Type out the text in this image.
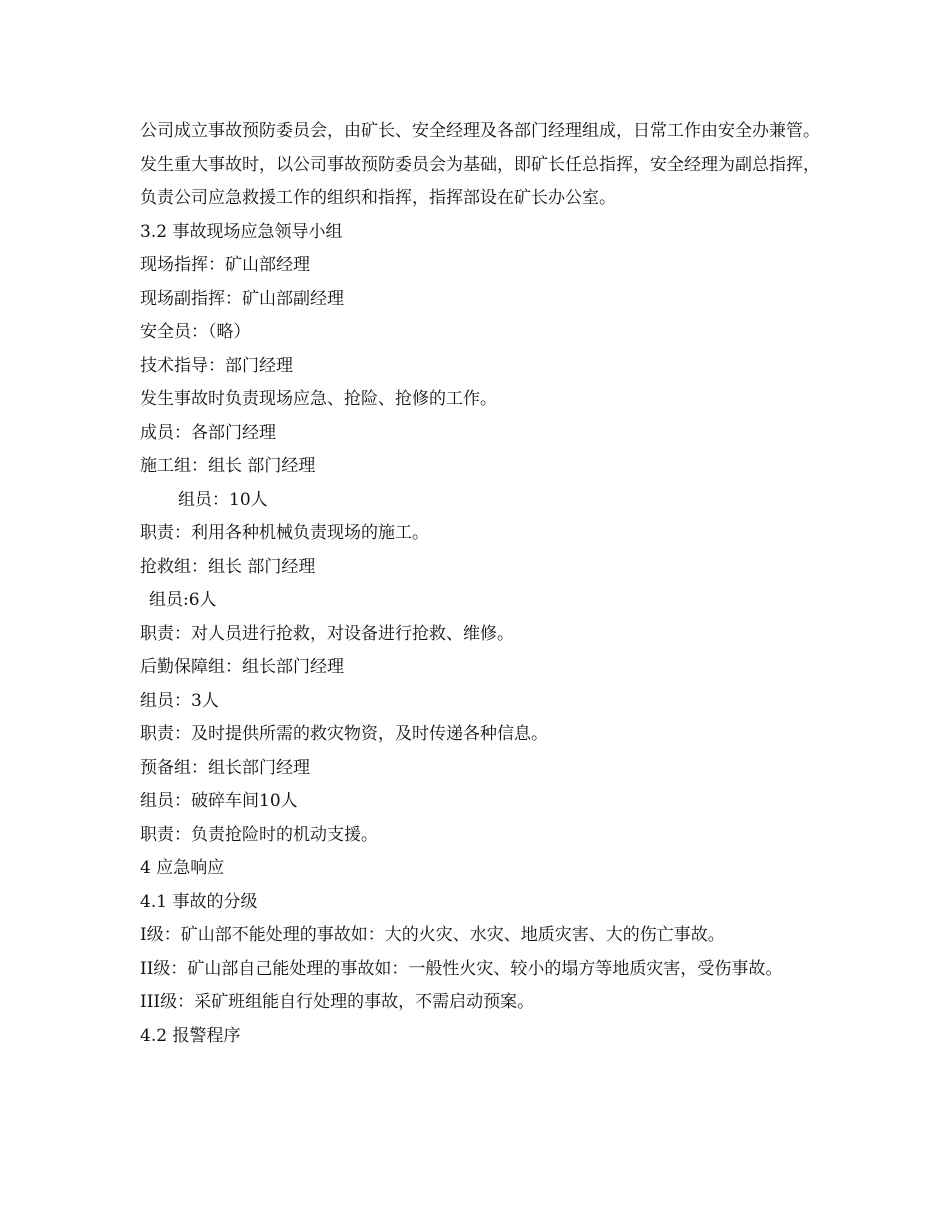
公司成立事故预防委员会，由矿长、安全经理及各部门经理组成，日常工作由安全办兼管。发生重大事故时，以公司事故预防委员会为基础，即矿长任总指挥，安全经理为副总指挥，负责公司应急救援工作的组织和指挥，指挥部设在矿长办公室。

3.2 事故现场应急领导小组
现场指挥：矿山部经理
现场副指挥：矿山部副经理
安全员：（略）
技术指导：部门经理
发生事故时负责现场应急、抢险、抢修的工作。
成员：各部门经理
施工组：组长 部门经理
组员：10人
职责：利用各种机械负责现场的施工。
抢救组：组长 部门经理
组员:6人
职责：对人员进行抢救，对设备进行抢救、维修。
后勤保障组：组长部门经理
组员：3人
职责：及时提供所需的救灾物资，及时传递各种信息。
预备组：组长部门经理
组员：破碎车间10人
职责：负责抢险时的机动支援。
4 应急响应
4.1 事故的分级
I级：矿山部不能处理的事故如：大的火灾、水灾、地质灾害、大的伤亡事故。

II级：矿山部自己能处理的事故如：一般性火灾、较小的塌方等地质灾害，受伤事故。

III级：采矿班组能自行处理的事故，不需启动预案。
4.2 报警程序
